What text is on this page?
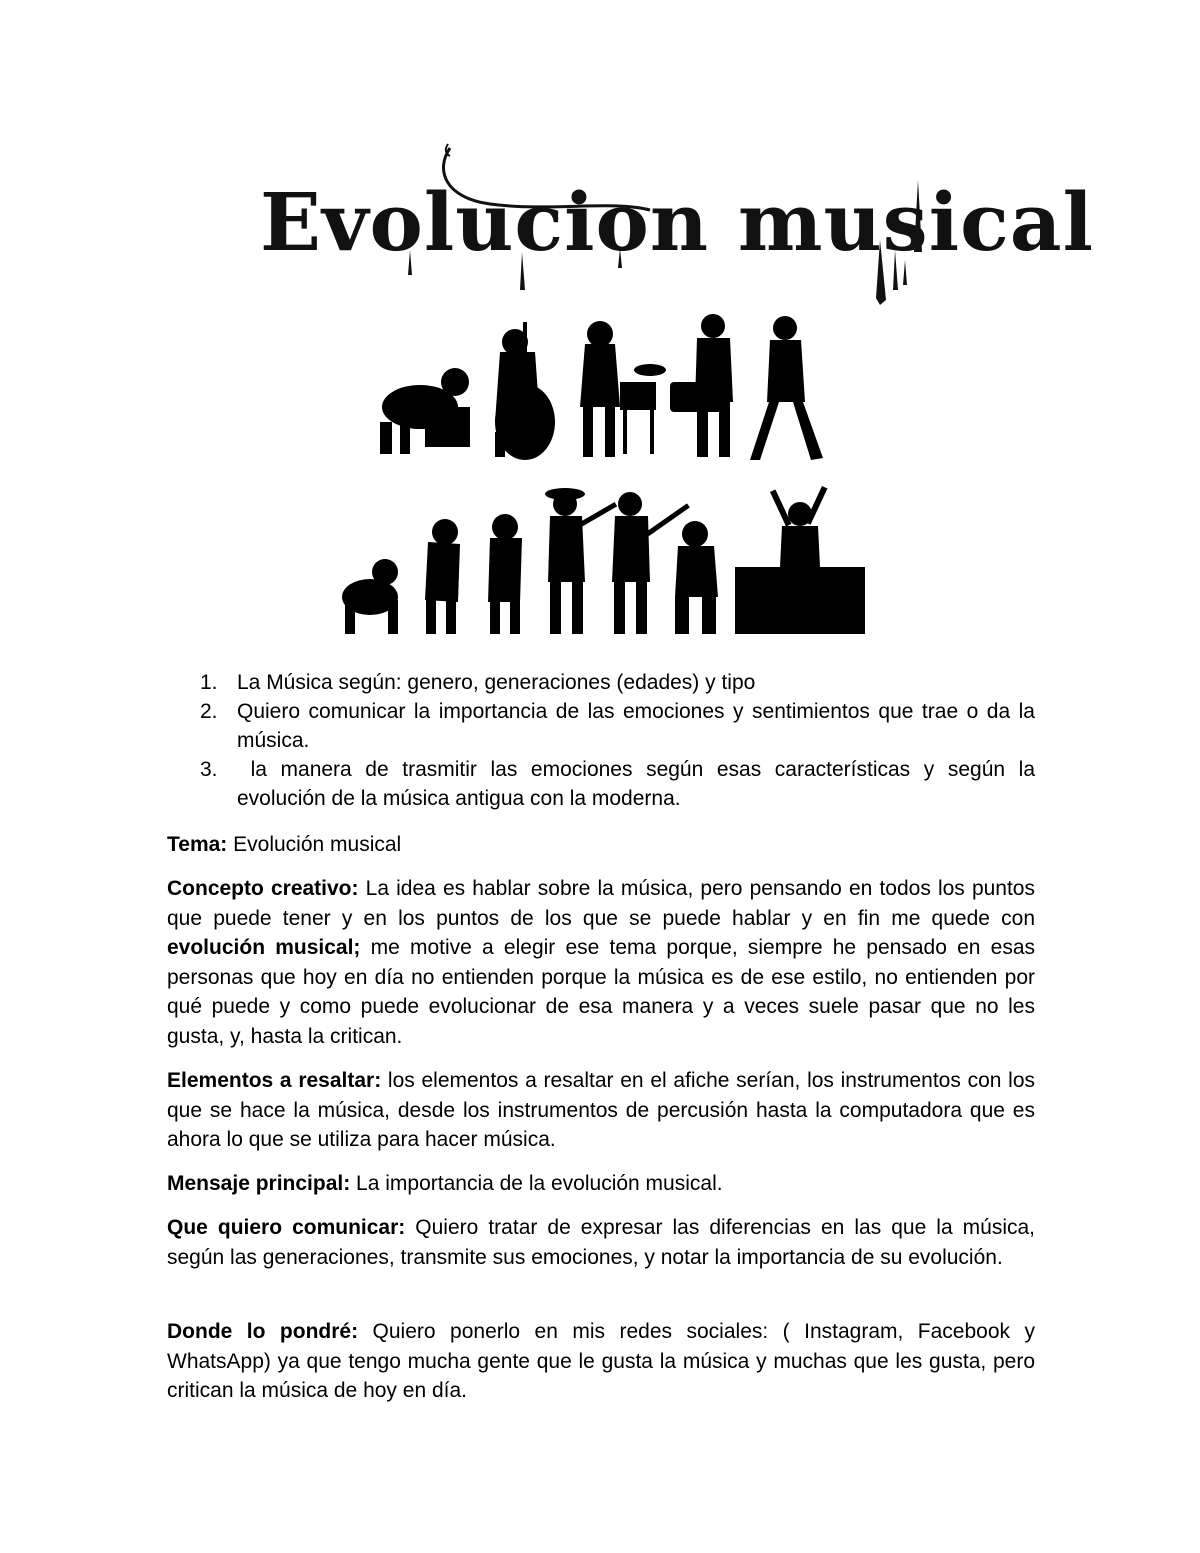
Evolucion musical
1. La Música según: genero, generaciones (edades) y tipo
2. Quiero comunicar la importancia de las emociones y sentimientos que trae o da la música.
3. la manera de trasmitir las emociones según esas características y según la evolución de la música antigua con la moderna.

Tema: Evolución musical

Concepto creativo: La idea es hablar sobre la música, pero pensando en todos los puntos que puede tener y en los puntos de los que se puede hablar y en fin me quede con evolución musical; me motive a elegir ese tema porque, siempre he pensado en esas personas que hoy en día no entienden porque la música es de ese estilo, no entienden por qué puede y como puede evolucionar de esa manera y a veces suele pasar que no les gusta, y, hasta la critican.

Elementos a resaltar: los elementos a resaltar en el afiche serían, los instrumentos con los que se hace la música, desde los instrumentos de percusión hasta la computadora que es ahora lo que se utiliza para hacer música.

Mensaje principal: La importancia de la evolución musical.

Que quiero comunicar: Quiero tratar de expresar las diferencias en las que la música, según las generaciones, transmite sus emociones, y notar la importancia de su evolución.

Donde lo pondré: Quiero ponerlo en mis redes sociales: ( Instagram, Facebook y WhatsApp) ya que tengo mucha gente que le gusta la música y muchas que les gusta, pero critican la música de hoy en día.
